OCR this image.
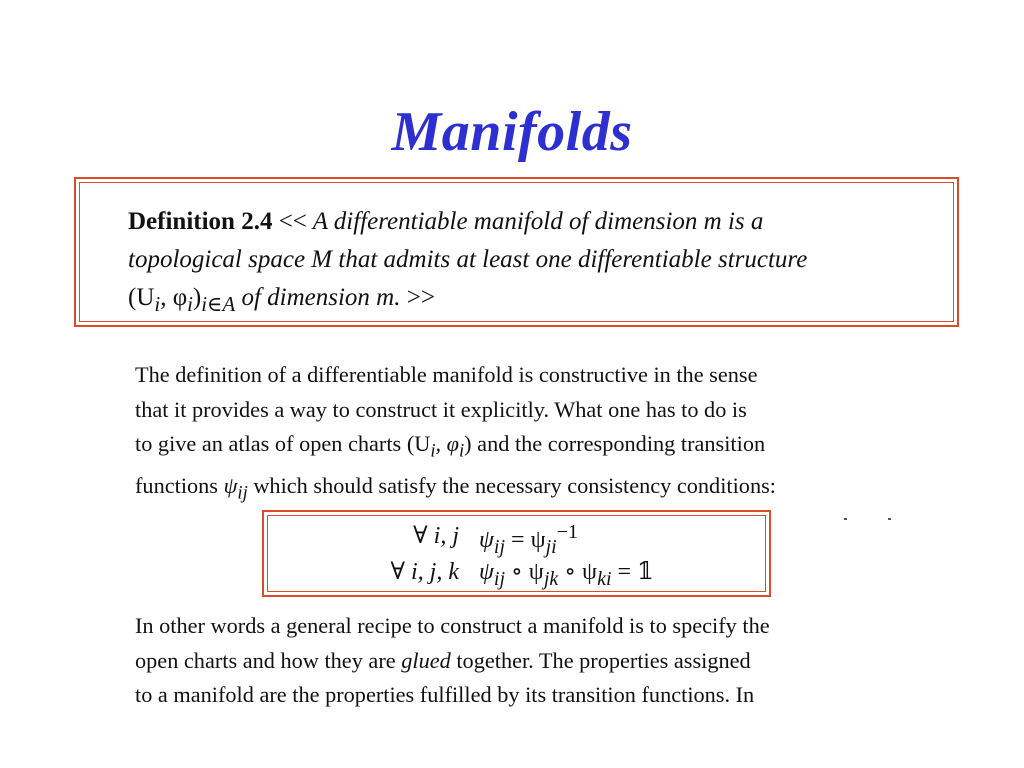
Manifolds
Definition 2.4 << A differentiable manifold of dimension m is a
topological space M that admits at least one differentiable structure
($U_i$, $\varphi_i)_{i\in A}$ of dimension m. >>
The definition of a differentiable manifold is constructive in the sense
that it provides a way to construct it explicitly. What one has to do is
to give an atlas of open charts ($U_i$, $\varphi_i$) and the corresponding transition
functions $\psi_{ij}$ which should satisfy the necessary consistency conditions:
∀ i, j $\psi_{ij} = \psi_{ji}^{-1}$
∀ i, j, k $\psi_{ij}$ ∘ $\psi_{jk}$ ∘ $\psi_{ki}$ = 𝟙
In other words a general recipe to construct a manifold is to specify the
open charts and how they are glued together. The properties assigned
to a manifold are the properties fulfilled by its transition functions. In
